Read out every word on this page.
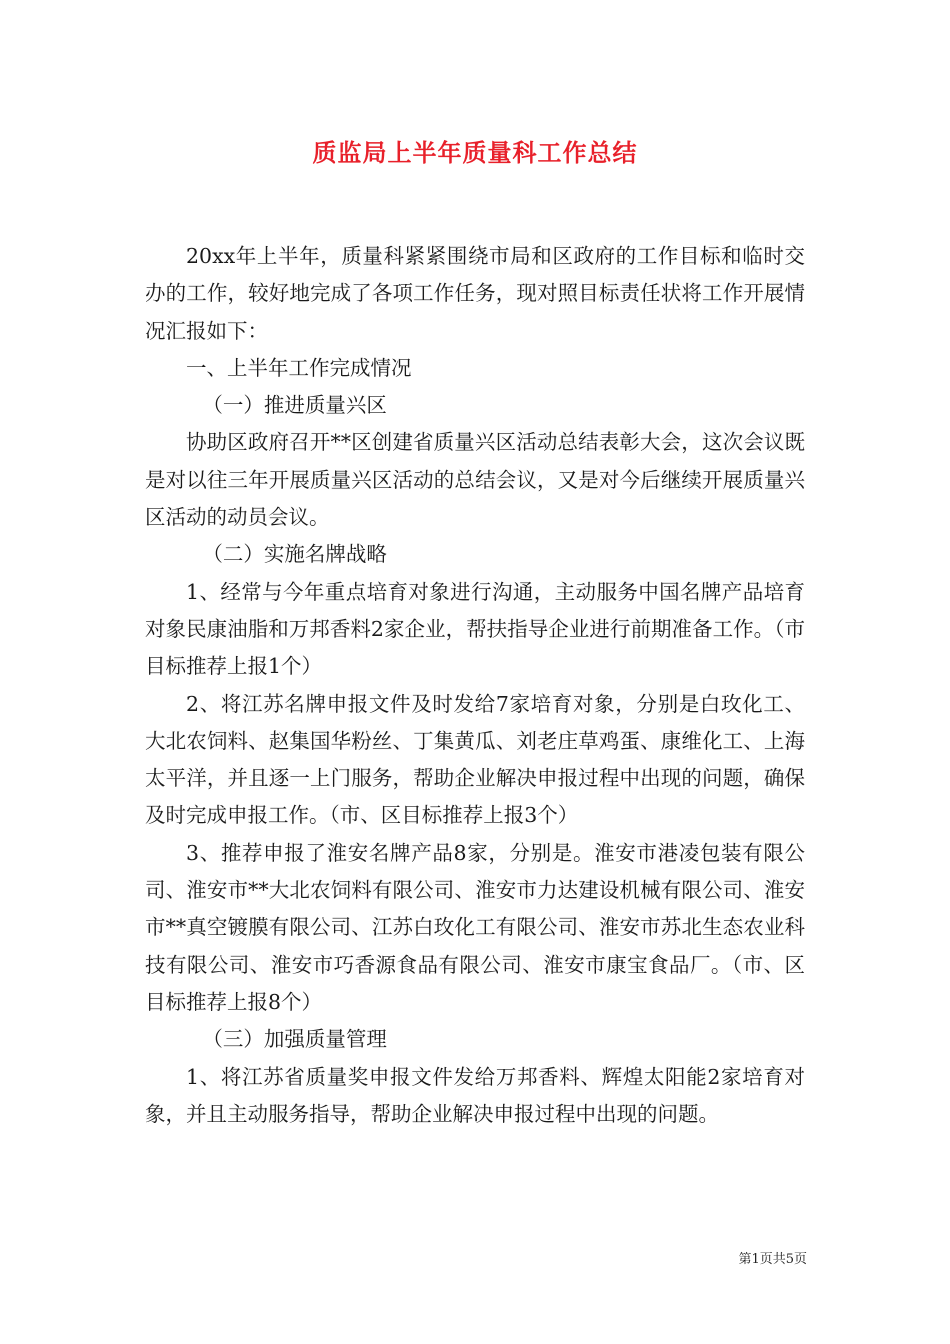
质监局上半年质量科工作总结

20xx年上半年，质量科紧紧围绕市局和区政府的工作目标和临时交办的工作，较好地完成了各项工作任务，现对照目标责任状将工作开展情况汇报如下：

一、上半年工作完成情况

（一）推进质量兴区

协助区政府召开**区创建省质量兴区活动总结表彰大会，这次会议既是对以往三年开展质量兴区活动的总结会议，又是对今后继续开展质量兴区活动的动员会议。

（二）实施名牌战略

1、经常与今年重点培育对象进行沟通，主动服务中国名牌产品培育对象民康油脂和万邦香料2家企业，帮扶指导企业进行前期准备工作。（市目标推荐上报1个）

2、将江苏名牌申报文件及时发给7家培育对象，分别是白玫化工、大北农饲料、赵集国华粉丝、丁集黄瓜、刘老庄草鸡蛋、康维化工、上海太平洋，并且逐一上门服务，帮助企业解决申报过程中出现的问题，确保及时完成申报工作。（市、区目标推荐上报3个）

3、推荐申报了淮安名牌产品8家，分别是。淮安市港凌包装有限公司、淮安市**大北农饲料有限公司、淮安市力达建设机械有限公司、淮安市**真空镀膜有限公司、江苏白玫化工有限公司、淮安市苏北生态农业科技有限公司、淮安市巧香源食品有限公司、淮安市康宝食品厂。（市、区目标推荐上报8个）

（三）加强质量管理

1、将江苏省质量奖申报文件发给万邦香料、辉煌太阳能2家培育对象，并且主动服务指导，帮助企业解决申报过程中出现的问题。

第1页共5页
